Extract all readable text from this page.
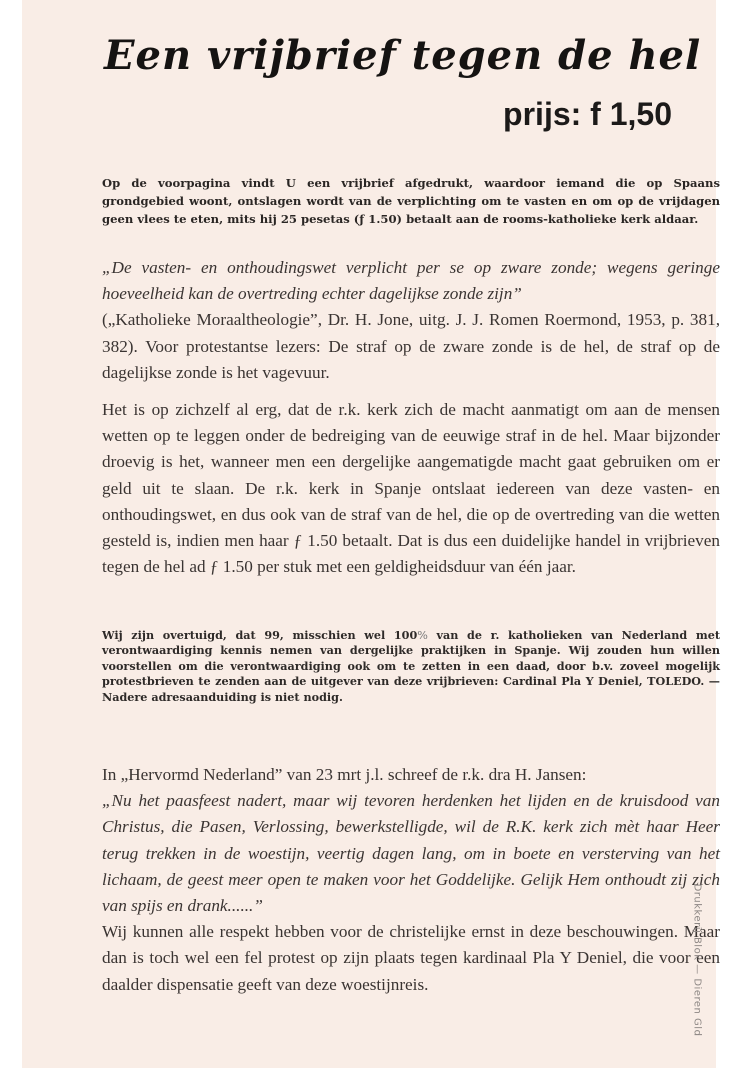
Een vrijbrief tegen de hel
prijs: f 1,50

Op de voorpagina vindt U een vrijbrief afgedrukt, waardoor iemand die op Spaans grondgebied woont, ontslagen wordt van de verplichting om te vasten en om op de vrijdagen geen vlees te eten, mits hij 25 pesetas (ƒ 1.50) betaalt aan de rooms-katholieke kerk aldaar.

„De vasten- en onthoudingswet verplicht per se op zware zonde; wegens geringe hoeveelheid kan de overtreding echter dagelijkse zonde zijn”

(„Katholieke Moraaltheologie”, Dr. H. Jone, uitg. J. J. Romen Roermond, 1953, p. 381, 382). Voor protestantse lezers: De straf op de zware zonde is de hel, de straf op de dagelijkse zonde is het vagevuur.

Het is op zichzelf al erg, dat de r.k. kerk zich de macht aanmatigt om aan de mensen wetten op te leggen onder de bedreiging van de eeuwige straf in de hel. Maar bijzonder droevig is het, wanneer men een dergelijke aangematigde macht gaat gebruiken om er geld uit te slaan. De r.k. kerk in Spanje ontslaat iedereen van deze vasten- en onthoudingswet, en dus ook van de straf van de hel, die op de overtreding van die wetten gesteld is, indien men haar ƒ 1.50 betaalt. Dat is dus een duidelijke handel in vrijbrieven tegen de hel ad ƒ 1.50 per stuk met een geldigheidsduur van één jaar.

Wij zijn overtuigd, dat 99, misschien wel 100% van de r. katholieken van Nederland met verontwaardiging kennis nemen van dergelijke praktijken in Spanje. Wij zouden hun willen voorstellen om die verontwaardiging ook om te zetten in een daad, door b.v. zoveel mogelijk protestbrieven te zenden aan de uitgever van deze vrijbrieven: Cardinal Pla Y Deniel, TOLEDO. — Nadere adresaanduiding is niet nodig.

In „Hervormd Nederland” van 23 mrt j.l. schreef de r.k. dra H. Jansen:

„Nu het paasfeest nadert, maar wij tevoren herdenken het lijden en de kruisdood van Christus, die Pasen, Verlossing, bewerkstelligde, wil de R.K. kerk zich mèt haar Heer terug trekken in de woestijn, veertig dagen lang, om in boete en versterving van het lichaam, de geest meer open te maken voor het Goddelijke. Gelijk Hem onthoudt zij zich van spijs en drank......”

Wij kunnen alle respekt hebben voor de christelijke ernst in deze beschouwingen. Maar dan is toch wel een fel protest op zijn plaats tegen kardinaal Pla Y Deniel, die voor een daalder dispensatie geeft van deze woestijnreis.	Drukkerij Blok — Dieren Gld
